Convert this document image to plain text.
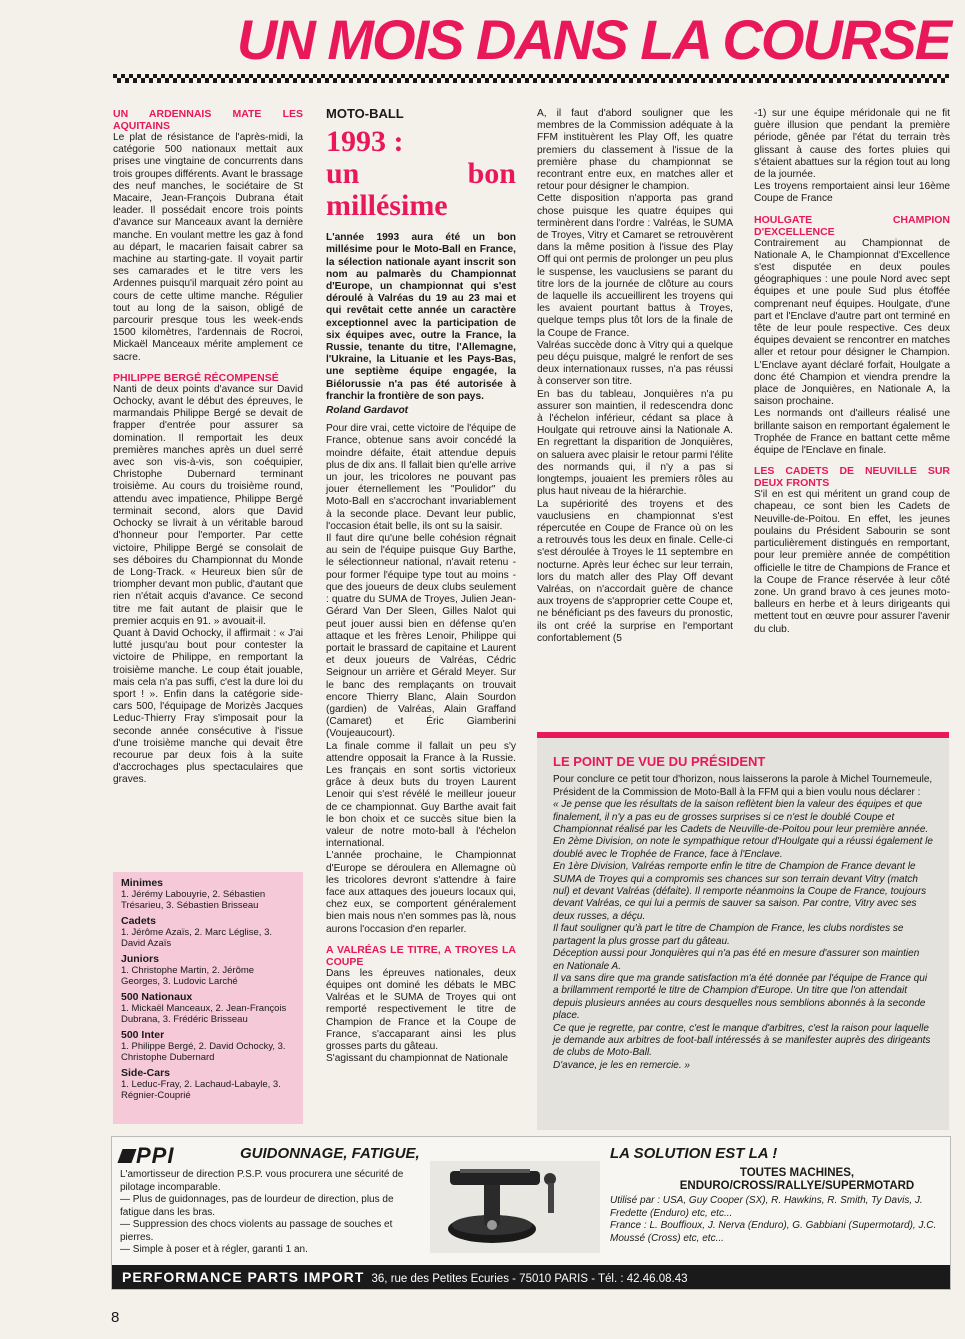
UN MOIS DANS LA COURSE

UN ARDENNAIS MATE LES AQUITAINS

Le plat de résistance de l'après-midi, la catégorie 500 nationaux mettait aux prises une vingtaine de concurrents dans trois groupes différents. Avant le brassage des neuf manches, le sociétaire de St Macaire, Jean-François Dubrana était leader. Il possédait encore trois points d'avance sur Manceaux avant la dernière manche. En voulant mettre les gaz à fond au départ, le macarien faisait cabrer sa machine au starting-gate. Il voyait partir ses camarades et le titre vers les Ardennes puisqu'il marquait zéro point au cours de cette ultime manche. Régulier tout au long de la saison, obligé de parcourir presque tous les week-ends 1500 kilomètres, l'ardennais de Rocroi, Mickaël Manceaux mérite amplement ce sacre.

PHILIPPE BERGÉ RÉCOMPENSÉ

Nanti de deux points d'avance sur David Ochocky, avant le début des épreuves, le marmandais Philippe Bergé se devait de frapper d'entrée pour assurer sa domination. Il remportait les deux premières manches après un duel serré avec son vis-à-vis, son coéquipier, Christophe Dubernard terminant troisième. Au cours du troisième round, attendu avec impatience, Philippe Bergé terminait second, alors que David Ochocky se livrait à un véritable baroud d'honneur pour l'emporter. Par cette victoire, Philippe Bergé se consolait de ses déboires du Championnat du Monde de Long-Track. « Heureux bien sûr de triompher devant mon public, d'autant que rien n'était acquis d'avance. Ce second titre me fait autant de plaisir que le premier acquis en 91. » avouait-il.

Quant à David Ochocky, il affirmait : « J'ai lutté jusqu'au bout pour contester la victoire de Philippe, en remportant la troisième manche. Le coup était jouable, mais cela n'a pas suffi, c'est la dure loi du sport ! ». Enfin dans la catégorie side-cars 500, l'équipage de Morizès Jacques Leduc-Thierry Fray s'imposait pour la seconde année consécutive à l'issue d'une troisième manche qui devait être recourue par deux fois à la suite d'accrochages plus spectaculaires que graves.

Minimes
1. Jérémy Labouyrie, 2. Sébastien Trésarieu, 3. Sébastien Brisseau
Cadets
1. Jérôme Azaïs, 2. Marc Léglise, 3. David Azaïs
Juniors
1. Christophe Martin, 2. Jérôme Georges, 3. Ludovic Larché
500 Nationaux
1. Mickaël Manceaux, 2. Jean-François Dubrana, 3. Frédéric Brisseau
500 Inter
1. Philippe Bergé, 2. David Ochocky, 3. Christophe Dubernard
Side-Cars
1. Leduc-Fray, 2. Lachaud-Labayle, 3. Régnier-Couprié

MOTO-BALL

1993 :
un bon millésime

L'année 1993 aura été un bon millésime pour le Moto-Ball en France, la sélection nationale ayant inscrit son nom au palmarès du Championnat d'Europe, un championnat qui s'est déroulé à Valréas du 19 au 23 mai et qui revêtait cette année un caractère exceptionnel avec la participation de six équipes avec, outre la France, la Russie, tenante du titre, l'Allemagne, l'Ukraine, la Lituanie et les Pays-Bas, une septième équipe engagée, la Biélorussie n'a pas été autorisée à franchir la frontière de son pays.

Roland Gardavot

Pour dire vrai, cette victoire de l'équipe de France, obtenue sans avoir concédé la moindre défaite, était attendue depuis plus de dix ans. Il fallait bien qu'elle arrive un jour, les tricolores ne pouvant pas jouer éternellement les "Poulidor" du Moto-Ball en s'accrochant invariablement à la seconde place. Devant leur public, l'occasion était belle, ils ont su la saisir.

Il faut dire qu'une belle cohésion régnait au sein de l'équipe puisque Guy Barthe, le sélectionneur national, n'avait retenu - pour former l'équipe type tout au moins - que des joueurs de deux clubs seulement : quatre du SUMA de Troyes, Julien Jean-Gérard Van Der Sleen, Gilles Nalot qui peut jouer aussi bien en défense qu'en attaque et les frères Lenoir, Philippe qui portait le brassard de capitaine et Laurent et deux joueurs de Valréas, Cédric Seignour un arrière et Gérald Meyer. Sur le banc des remplaçants on trouvait encore Thierry Blanc, Alain Sourdon (gardien) de Valréas, Alain Graffand (Camaret) et Éric Giamberini (Voujeaucourt).

La finale comme il fallait un peu s'y attendre opposait la France à la Russie. Les français en sont sortis victorieux grâce à deux buts du troyen Laurent Lenoir qui s'est révélé le meilleur joueur de ce championnat. Guy Barthe avait fait le bon choix et ce succès situe bien la valeur de notre moto-ball à l'échelon international.

L'année prochaine, le Championnat d'Europe se déroulera en Allemagne où les tricolores devront s'attendre à faire face aux attaques des joueurs locaux qui, chez eux, se comportent généralement bien mais nous n'en sommes pas là, nous aurons l'occasion d'en reparler.

A VALRÉAS LE TITRE, A TROYES LA COUPE

Dans les épreuves nationales, deux équipes ont dominé les débats le MBC Valréas et le SUMA de Troyes qui ont remporté respectivement le titre de Champion de France et la Coupe de France, s'accaparant ainsi les plus grosses parts du gâteau.

S'agissant du championnat de Nationale

A, il faut d'abord souligner que les membres de la Commission adéquate à la FFM instituèrent les Play Off, les quatre premiers du classement à l'issue de la première phase du championnat se recontrant entre eux, en matches aller et retour pour désigner le champion.

Cette disposition n'apporta pas grand chose puisque les quatre équipes qui terminèrent dans l'ordre : Valréas, le SUMA de Troyes, Vitry et Camaret se retrouvèrent dans la même position à l'issue des Play Off qui ont permis de prolonger un peu plus le suspense, les vauclusiens se parant du titre lors de la journée de clôture au cours de laquelle ils accueillirent les troyens qui les avaient pourtant battus à Troyes, quelque temps plus tôt lors de la finale de la Coupe de France.

Valréas succède donc à Vitry qui a quelque peu déçu puisque, malgré le renfort de ses deux internationaux russes, n'a pas réussi à conserver son titre.

En bas du tableau, Jonquières n'a pu assurer son maintien, il redescendra donc à l'échelon inférieur, cédant sa place à Houlgate qui retrouve ainsi la Nationale A. En regrettant la disparition de Jonquières, on saluera avec plaisir le retour parmi l'élite des normands qui, il n'y a pas si longtemps, jouaient les premiers rôles au plus haut niveau de la hiérarchie.

La supériorité des troyens et des vauclusiens en championnat s'est répercutée en Coupe de France où on les a retrouvés tous les deux en finale. Celle-ci s'est déroulée à Troyes le 11 septembre en nocturne. Après leur échec sur leur terrain, lors du match aller des Play Off devant Valréas, on n'accordait guère de chance aux troyens de s'approprier cette Coupe et, ne bénéficiant ps des faveurs du pronostic, ils ont créé la surprise en l'emportant confortablement (5

-1) sur une équipe méridonale qui ne fit guère illusion que pendant la première période, gênée par l'état du terrain très glissant à cause des fortes pluies qui s'étaient abattues sur la région tout au long de la journée.

Les troyens remportaient ainsi leur 16ème Coupe de France

HOULGATE CHAMPION D'EXCELLENCE

Contrairement au Championnat de Nationale A, le Championnat d'Excellence s'est disputée en deux poules géographiques : une poule Nord avec sept équipes et une poule Sud plus étoffée comprenant neuf équipes. Houlgate, d'une part et l'Enclave d'autre part ont terminé en tête de leur poule respective. Ces deux équipes devaient se rencontrer en matches aller et retour pour désigner le Champion. L'Enclave ayant déclaré forfait, Houlgate a donc été Champion et viendra prendre la place de Jonquières, en Nationale A, la saison prochaine.

Les normands ont d'ailleurs réalisé une brillante saison en remportant également le Trophée de France en battant cette même équipe de l'Enclave en finale.

LES CADETS DE NEUVILLE SUR DEUX FRONTS

S'il en est qui méritent un grand coup de chapeau, ce sont bien les Cadets de Neuville-de-Poitou. En effet, les jeunes poulains du Président Sabourin se sont particulièrement distingués en remportant, pour leur première année de compétition officielle le titre de Champions de France et la Coupe de France réservée à leur côté zone. Un grand bravo à ces jeunes moto-balleurs en herbe et à leurs dirigeants qui mettent tout en œuvre pour assurer l'avenir du club.

LE POINT DE VUE DU PRÉSIDENT

Pour conclure ce petit tour d'horizon, nous laisserons la parole à Michel Tournemeule, Président de la Commission de Moto-Ball à la FFM qui a bien voulu nous déclarer :

« Je pense que les résultats de la saison reflètent bien la valeur des équipes et que finalement, il n'y a pas eu de grosses surprises si ce n'est le doublé Coupe et Championnat réalisé par les Cadets de Neuville-de-Poitou pour leur première année.

En 2ème Division, on note le sympathique retour d'Houlgate qui a réussi également le doublé avec le Trophée de France, face à l'Enclave.

En 1ère Division, Valréas remporte enfin le titre de Champion de France devant le SUMA de Troyes qui a compromis ses chances sur son terrain devant Vitry (match nul) et devant Valréas (défaite). Il remporte néanmoins la Coupe de France, toujours devant Valréas, ce qui lui a permis de sauver sa saison. Par contre, Vitry avec ses deux russes, a déçu.

Il faut souligner qu'à part le titre de Champion de France, les clubs nordistes se partagent la plus grosse part du gâteau.

Déception aussi pour Jonquières qui n'a pas été en mesure d'assurer son maintien en Nationale A.

Il va sans dire que ma grande satisfaction m'a été donnée par l'équipe de France qui a brillamment remporté le titre de Champion d'Europe. Un titre que l'on attendait depuis plusieurs années au cours desquelles nous semblions abonnés à la seconde place.

Ce que je regrette, par contre, c'est le manque d'arbitres, c'est la raison pour laquelle je demande aux arbitres de foot-ball intéressés à se manifester auprès des dirigeants de clubs de Moto-Ball.

D'avance, je les en remercie. »

PPI	GUIDONNAGE, FATIGUE,	LA SOLUTION EST LA !

L'amortisseur de direction P.S.P. vous procurera une sécurité de pilotage incomparable.

— Plus de guidonnages, pas de lourdeur de direction, plus de fatigue dans les bras.

— Suppression des chocs violents au passage de souches et pierres.

— Simple à poser et à régler, garanti 1 an.

TOUTES MACHINES,
ENDURO/CROSS/RALLYE/SUPERMOTARD

Utilisé par : USA, Guy Cooper (SX), R. Hawkins, R. Smith, Ty Davis, J. Fredette (Enduro) etc, etc...

France : L. Bouffioux, J. Nerva (Enduro), G. Gabbiani (Supermotard), J.C. Moussé (Cross) etc, etc...

PERFORMANCE PARTS IMPORT 36, rue des Petites Ecuries - 75010 PARIS - Tél. : 42.46.08.43
8
